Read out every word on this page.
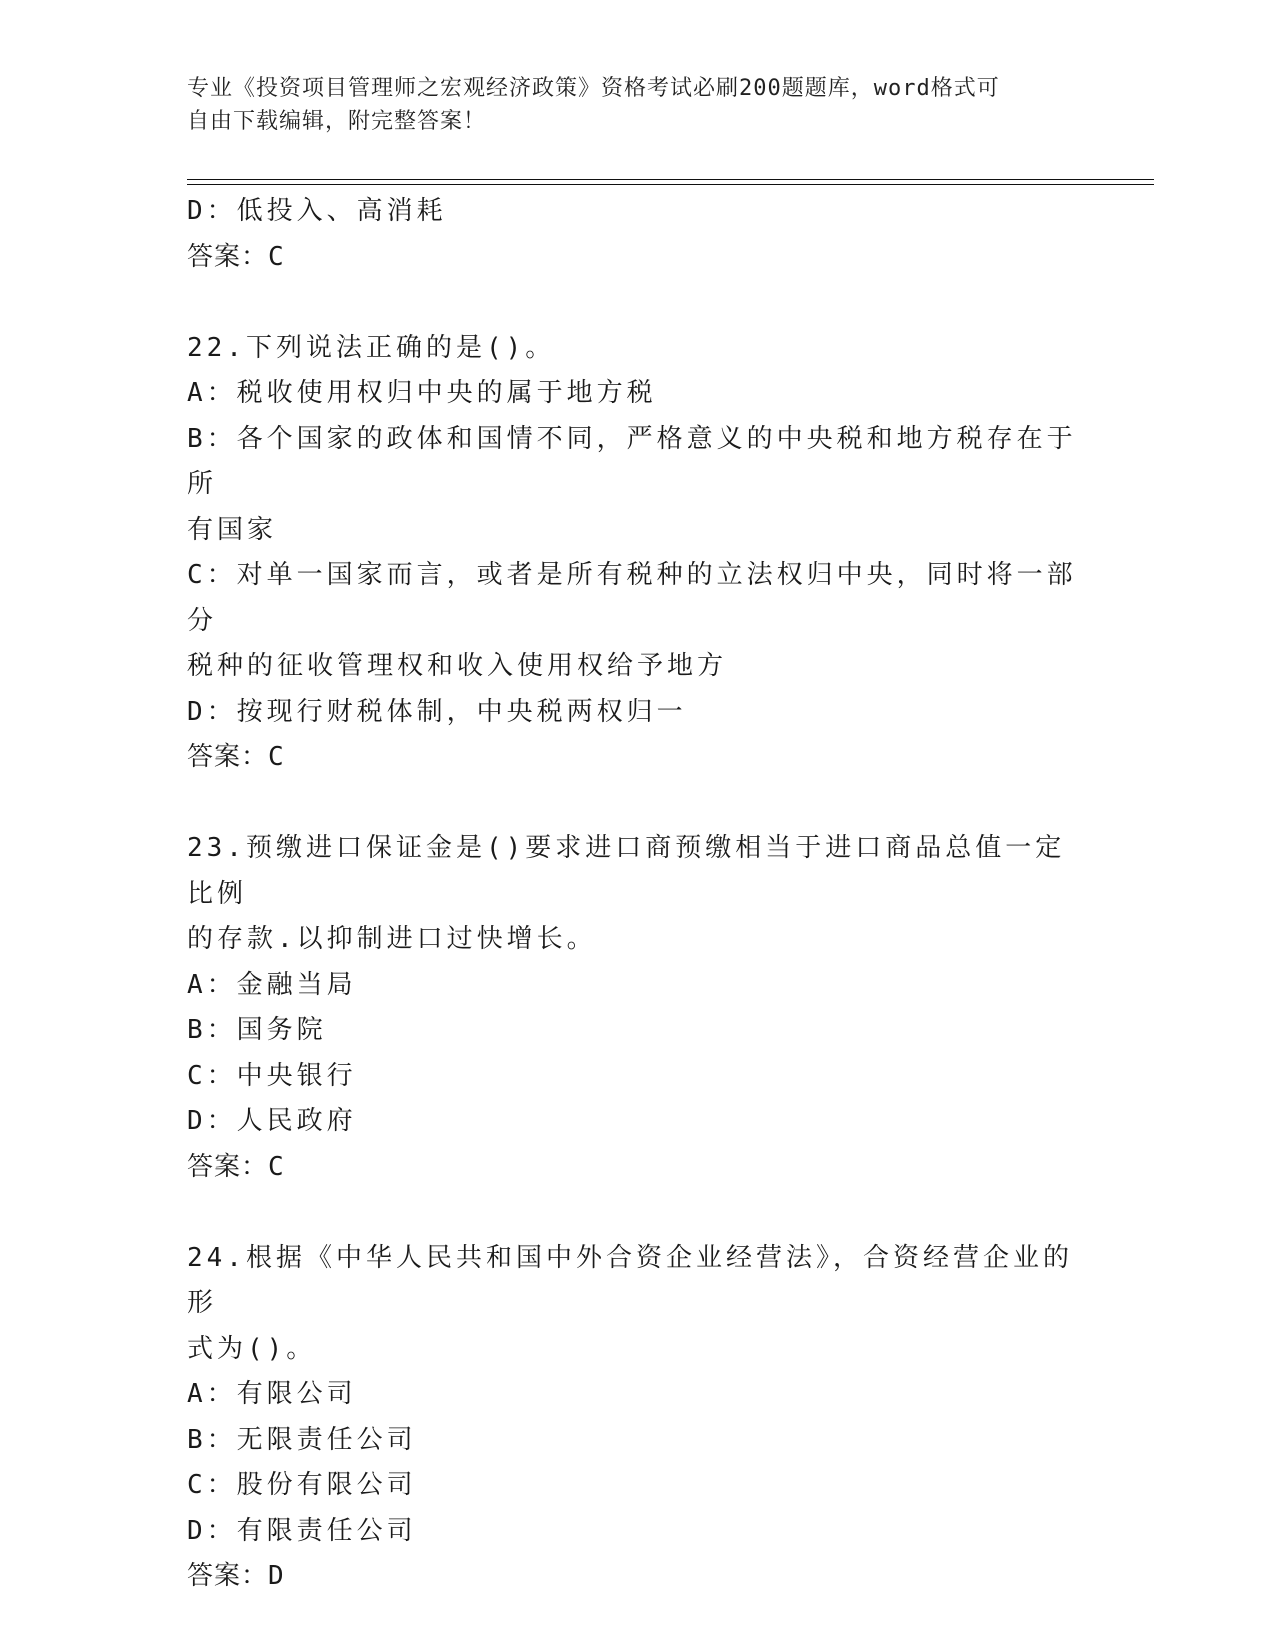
专业《投资项目管理师之宏观经济政策》资格考试必刷200题题库，word格式可
自由下载编辑，附完整答案！

D：低投入、高消耗

答案：C

22.下列说法正确的是()。

A：税收使用权归中央的属于地方税

B：各个国家的政体和国情不同，严格意义的中央税和地方税存在于所

有国家

C：对单一国家而言，或者是所有税种的立法权归中央，同时将一部分

税种的征收管理权和收入使用权给予地方

D：按现行财税体制，中央税两权归一

答案：C

23.预缴进口保证金是()要求进口商预缴相当于进口商品总值一定比例

的存款.以抑制进口过快增长。

A：金融当局

B：国务院

C：中央银行

D：人民政府

答案：C

24.根据《中华人民共和国中外合资企业经营法》，合资经营企业的形

式为()。

A：有限公司

B：无限责任公司

C：股份有限公司

D：有限责任公司

答案：D
